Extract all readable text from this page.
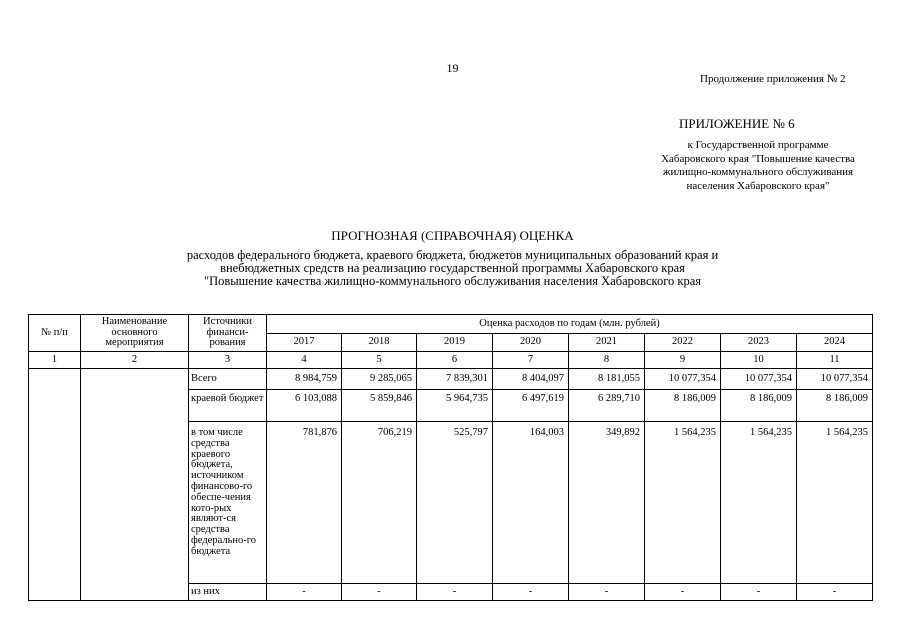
19
Продолжение приложения № 2
ПРИЛОЖЕНИЕ № 6
к Государственной программе
Хабаровского края "Повышение качества
жилищно-коммунального обслуживания
населения Хабаровского края"
ПРОГНОЗНАЯ (СПРАВОЧНАЯ) ОЦЕНКА
расходов федерального бюджета, краевого бюджета, бюджетов муниципальных образований края и
внебюджетных средств на реализацию государственной программы Хабаровского края
"Повышение качества жилищно-коммунального обслуживания населения Хабаровского края
№ п/п	Наименование основного мероприятия	Источники финанси-рования	Оценка расходов по годам (млн. рублей)							
			2017	2018	2019	2020	2021	2022	2023	2024
1	2	3	4	5	6	7	8	9	10	11
		Всего	8 984,759	9 285,065	7 839,301	8 404,097	8 181,055	10 077,354	10 077,354	10 077,354
		краевой бюджет	6 103,088	5 859,846	5 964,735	6 497,619	6 289,710	8 186,009	8 186,009	8 186,009
		в том числе средства краевого бюджета, источником финансово-го обеспе-чения кото-рых являют-ся средства федерально-го бюджета	781,876	706,219	525,797	164,003	349,892	1 564,235	1 564,235	1 564,235
		из них	-	-	-	-	-	-	-	-
